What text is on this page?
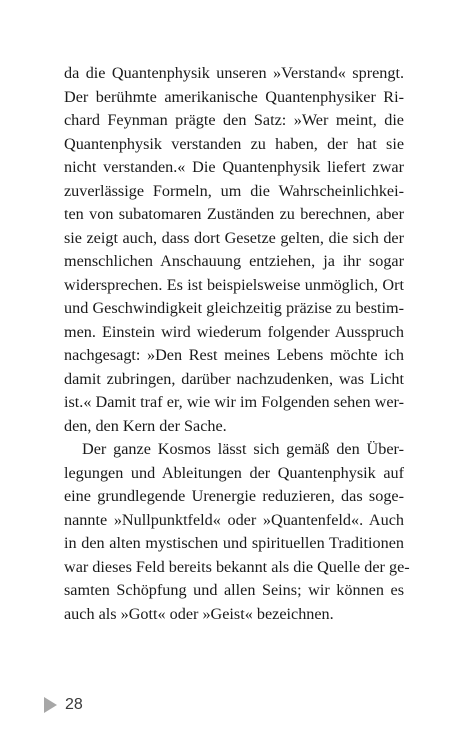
da die Quantenphysik unseren »Verstand« sprengt.
Der berühmte amerikanische Quantenphysiker Ri-
chard Feynman prägte den Satz: »Wer meint, die
Quantenphysik verstanden zu haben, der hat sie
nicht verstanden.« Die Quantenphysik liefert zwar
zuverlässige Formeln, um die Wahrscheinlichkei-
ten von subatomaren Zuständen zu berechnen, aber
sie zeigt auch, dass dort Gesetze gelten, die sich der
menschlichen Anschauung entziehen, ja ihr sogar
widersprechen. Es ist beispielsweise unmöglich, Ort
und Geschwindigkeit gleichzeitig präzise zu bestim-
men. Einstein wird wiederum folgender Ausspruch
nachgesagt: »Den Rest meines Lebens möchte ich
damit zubringen, darüber nachzudenken, was Licht
ist.« Damit traf er, wie wir im Folgenden sehen wer-
den, den Kern der Sache.
Der ganze Kosmos lässt sich gemäß den Über-
legungen und Ableitungen der Quantenphysik auf
eine grundlegende Urenergie reduzieren, das soge-
nannte »Nullpunktfeld« oder »Quantenfeld«. Auch
in den alten mystischen und spirituellen Traditionen
war dieses Feld bereits bekannt als die Quelle der ge-
samten Schöpfung und allen Seins; wir können es
auch als »Gott« oder »Geist« bezeichnen.
28
